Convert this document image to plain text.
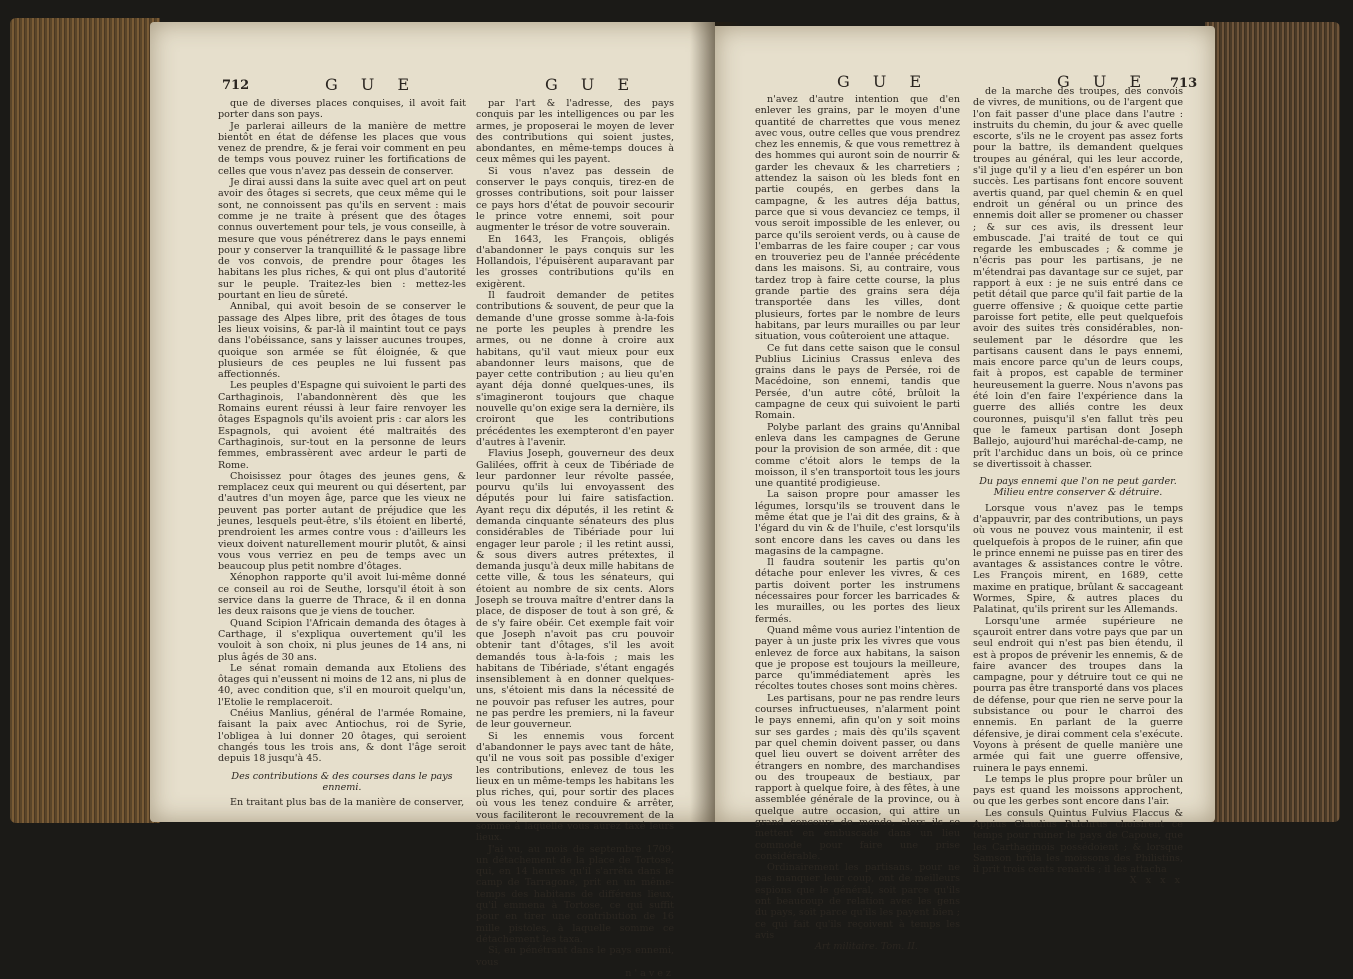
712	G U E	G U E

que de diverses places conquises, il avoit fait porter dans son pays.

Je parlerai ailleurs de la manière de mettre bientôt en état de défense les places que vous venez de prendre, & je ferai voir comment en peu de temps vous pouvez ruiner les fortifications de celles que vous n'avez pas dessein de conserver.

Je dirai aussi dans la suite avec quel art on peut avoir des ôtages si secrets, que ceux même qui le sont, ne connoissent pas qu'ils en servent : mais comme je ne traite à présent que des ôtages connus ouvertement pour tels, je vous conseille, à mesure que vous pénétrerez dans le pays ennemi pour y conserver la tranquillité & le passage libre de vos convois, de prendre pour ôtages les habitans les plus riches, & qui ont plus d'autorité sur le peuple. Traitez-les bien : mettez-les pourtant en lieu de sûreté.

Annibal, qui avoit besoin de se conserver le passage des Alpes libre, prit des ôtages de tous les lieux voisins, & par-là il maintint tout ce pays dans l'obéissance, sans y laisser aucunes troupes, quoique son armée se fût éloignée, & que plusieurs de ces peuples ne lui fussent pas affectionnés.

Les peuples d'Espagne qui suivoient le parti des Carthaginois, l'abandonnèrent dès que les Romains eurent réussi à leur faire renvoyer les ôtages Espagnols qu'ils avoient pris : car alors les Espagnols, qui avoient été maltraités des Carthaginois, sur-tout en la personne de leurs femmes, embrassèrent avec ardeur le parti de Rome.

Choisissez pour ôtages des jeunes gens, & remplacez ceux qui meurent ou qui désertent, par d'autres d'un moyen âge, parce que les vieux ne peuvent pas porter autant de préjudice que les jeunes, lesquels peut-être, s'ils étoient en liberté, prendroient les armes contre vous : d'ailleurs les vieux doivent naturellement mourir plutôt, & ainsi vous vous verriez en peu de temps avec un beaucoup plus petit nombre d'ôtages.

Xénophon rapporte qu'il avoit lui-même donné ce conseil au roi de Seuthe, lorsqu'il étoit à son service dans la guerre de Thrace, & il en donna les deux raisons que je viens de toucher.

Quand Scipion l'Africain demanda des ôtages à Carthage, il s'expliqua ouvertement qu'il les vouloit à son choix, ni plus jeunes de 14 ans, ni plus âgés de 30 ans.

Le sénat romain demanda aux Etoliens des ôtages qui n'eussent ni moins de 12 ans, ni plus de 40, avec condition que, s'il en mouroit quelqu'un, l'Etolie le remplaceroit.

Cnéius Manlius, général de l'armée Romaine, faisant la paix avec Antiochus, roi de Syrie, l'obligea à lui donner 20 ôtages, qui seroient changés tous les trois ans, & dont l'âge seroit depuis 18 jusqu'à 45.

Des contributions & des courses dans le pays ennemi.

En traitant plus bas de la manière de conserver,

par l'art & l'adresse, des pays conquis par les intelligences ou par les armes, je proposerai le moyen de lever des contributions qui soient justes, abondantes, en même-temps douces à ceux mêmes qui les payent.

Si vous n'avez pas dessein de conserver le pays conquis, tirez-en de grosses contributions, soit pour laisser ce pays hors d'état de pouvoir secourir le prince votre ennemi, soit pour augmenter le trésor de votre souverain.

En 1643, les François, obligés d'abandonner le pays conquis sur les Hollandois, l'épuisèrent auparavant par les grosses contributions qu'ils en exigèrent.

Il faudroit demander de petites contributions & souvent, de peur que la demande d'une grosse somme à-la-fois ne porte les peuples à prendre les armes, ou ne donne à croire aux habitans, qu'il vaut mieux pour eux abandonner leurs maisons, que de payer cette contribution ; au lieu qu'en ayant déja donné quelques-unes, ils s'imagineront toujours que chaque nouvelle qu'on exige sera la dernière, ils croiront que les contributions précédentes les exempteront d'en payer d'autres à l'avenir.

Flavius Joseph, gouverneur des deux Galilées, offrit à ceux de Tibériade de leur pardonner leur révolte passée, pourvu qu'ils lui envoyassent des députés pour lui faire satisfaction. Ayant reçu dix députés, il les retint & demanda cinquante sénateurs des plus considérables de Tibériade pour lui engager leur parole ; il les retint aussi, & sous divers autres prétextes, il demanda jusqu'à deux mille habitans de cette ville, & tous les sénateurs, qui étoient au nombre de six cents. Alors Joseph se trouva maître d'entrer dans la place, de disposer de tout à son gré, & de s'y faire obéir. Cet exemple fait voir que Joseph n'avoit pas cru pouvoir obtenir tant d'ôtages, s'il les avoit demandés tous à-la-fois ; mais les habitans de Tibériade, s'étant engagés insensiblement à en donner quelques-uns, s'étoient mis dans la nécessité de ne pouvoir pas refuser les autres, pour ne pas perdre les premiers, ni la faveur de leur gouverneur.

Si les ennemis vous forcent d'abandonner le pays avec tant de hâte, qu'il ne vous soit pas possible d'exiger les contributions, enlevez de tous les lieux en un même-temps les habitans les plus riches, qui, pour sortir des places où vous les tenez conduire & arrêter, vous faciliteront le recouvrement de la somme à laquelle vous aurez taxé leurs lieux.

J'ai vu, au mois de septembre 1709, un détachement de la place de Tortose, qui, en 14 heures qu'il s'arrêta dans le camp de Tarragone, prit en un même-temps des habitans de différens lieux, qu'il emmena à Tortose, ce qui suffit pour en tirer une contribution de 16 mille pistoles, à laquelle somme ce détachement les taxa.

Si, en pénétrant dans le pays ennemi, vous

n'avez

G U E	G U E 713

n'avez d'autre intention que d'en enlever les grains, par le moyen d'une quantité de charrettes que vous menez avec vous, outre celles que vous prendrez chez les ennemis, & que vous remettrez à des hommes qui auront soin de nourrir & garder les chevaux & les charretiers ; attendez la saison où les bleds font en partie coupés, en gerbes dans la campagne, & les autres déja battus, parce que si vous devanciez ce temps, il vous seroit impossible de les enlever, ou parce qu'ils seroient verds, ou à cause de l'embarras de les faire couper ; car vous en trouveriez peu de l'année précédente dans les maisons. Si, au contraire, vous tardez trop à faire cette course, la plus grande partie des grains sera déja transportée dans les villes, dont plusieurs, fortes par le nombre de leurs habitans, par leurs murailles ou par leur situation, vous coûteroient une attaque.

Ce fut dans cette saison que le consul Publius Licinius Crassus enleva des grains dans le pays de Persée, roi de Macédoine, son ennemi, tandis que Persée, d'un autre côté, brûloit la campagne de ceux qui suivoient le parti Romain.

Polybe parlant des grains qu'Annibal enleva dans les campagnes de Gerune pour la provision de son armée, dit : que comme c'étoit alors le temps de la moisson, il s'en transportoit tous les jours une quantité prodigieuse.

La saison propre pour amasser les légumes, lorsqu'ils se trouvent dans le même état que je l'ai dit des grains, & à l'égard du vin & de l'huile, c'est lorsqu'ils sont encore dans les caves ou dans les magasins de la campagne.

Il faudra soutenir les partis qu'on détache pour enlever les vivres, & ces partis doivent porter les instrumens nécessaires pour forcer les barricades & les murailles, ou les portes des lieux fermés.

Quand même vous auriez l'intention de payer à un juste prix les vivres que vous enlevez de force aux habitans, la saison que je propose est toujours la meilleure, parce qu'immédiatement après les récoltes toutes choses sont moins chères.

Les partisans, pour ne pas rendre leurs courses infructueuses, n'alarment point le pays ennemi, afin qu'on y soit moins sur ses gardes ; mais dès qu'ils sçavent par quel chemin doivent passer, ou dans quel lieu ouvert se doivent arrêter des étrangers en nombre, des marchandises ou des troupeaux de bestiaux, par rapport à quelque foire, à des fêtes, à une assemblée générale de la province, ou à quelque autre occasion, qui attire un grand concours de monde, alors ils se mettent en embuscade dans un lieu commode pour faire une prise considérable.

Ordinairement les partisans, pour ne pas manquer leur coup, ont de meilleurs espions que le général, soit parce qu'ils ont beaucoup de relation avec les gens du pays, soit parce qu'ils les payent bien ; ce qui fait qu'ils reçoivent à temps les avis

Art militaire. Tom. II.

de la marche des troupes, des convois de vivres, de munitions, ou de l'argent que l'on fait passer d'une place dans l'autre : instruits du chemin, du jour & avec quelle escorte, s'ils ne le croyent pas assez forts pour la battre, ils demandent quelques troupes au général, qui les leur accorde, s'il juge qu'il y a lieu d'en espérer un bon succès. Les partisans font encore souvent avertis quand, par quel chemin & en quel endroit un général ou un prince des ennemis doit aller se promener ou chasser ; & sur ces avis, ils dressent leur embuscade. J'ai traité de tout ce qui regarde les embuscades ; & comme je n'écris pas pour les partisans, je ne m'étendrai pas davantage sur ce sujet, par rapport à eux : je ne suis entré dans ce petit détail que parce qu'il fait partie de la guerre offensive ; & quoique cette partie paroisse fort petite, elle peut quelquefois avoir des suites très considérables, non-seulement par le désordre que les partisans causent dans le pays ennemi, mais encore parce qu'un de leurs coups, fait à propos, est capable de terminer heureusement la guerre. Nous n'avons pas été loin d'en faire l'expérience dans la guerre des alliés contre les deux couronnes, puisqu'il s'en fallut très peu que le fameux partisan dont Joseph Ballejo, aujourd'hui maréchal-de-camp, ne prît l'archiduc dans un bois, où ce prince se divertissoit à chasser.

Du pays ennemi que l'on ne peut garder. Milieu entre conserver & détruire.

Lorsque vous n'avez pas le temps d'appauvrir, par des contributions, un pays où vous ne pouvez vous maintenir, il est quelquefois à propos de le ruiner, afin que le prince ennemi ne puisse pas en tirer des avantages & assistances contre le vôtre. Les François mirent, en 1689, cette maxime en pratique, brûlant & saccageant Wormes, Spire, & autres places du Palatinat, qu'ils prirent sur les Allemands.

Lorsqu'une armée supérieure ne sçauroit entrer dans votre pays que par un seul endroit qui n'est pas bien étendu, il est à propos de prévenir les ennemis, & de faire avancer des troupes dans la campagne, pour y détruire tout ce qui ne pourra pas être transporté dans vos places de défense, pour que rien ne serve pour la subsistance ou pour le charroi des ennemis. En parlant de la guerre défensive, je dirai comment cela s'exécute. Voyons à présent de quelle manière une armée qui fait une guerre offensive, ruinera le pays ennemi.

Le temps le plus propre pour brûler un pays est quand les moissons approchent, ou que les gerbes sont encore dans l'air.

Les consuls Quintus Fulvius Flaccus & Appius Claudius Pulchrus choisirent ce temps pour ruiner le pays de Capoue, que les Carthaginois possédoient ; & lorsque Samson brûla les moissons des Philistins, il prit trois cents renards ; il les attacha

X x x x
